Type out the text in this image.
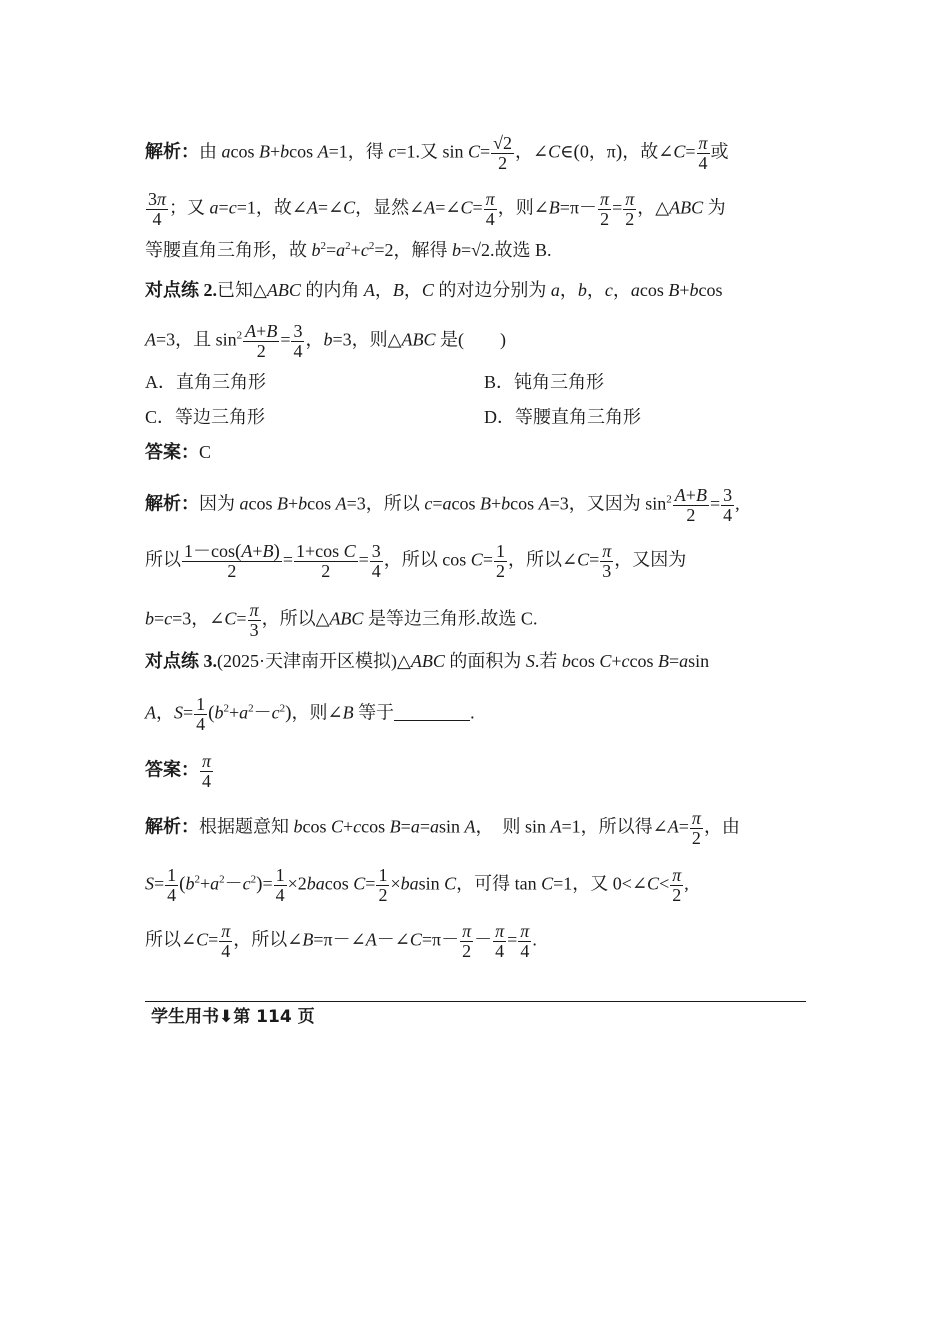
解析：由 acos B+bcos A=1，得 c=1.又 $\sin C= \frac{√2}{2}$ ，∠C∈(0，π)，故∠C= $\frac{\pi}{4}$ 或
$\frac{3\pi}{4}$ ；又 a=c=1，故∠A=∠C，显然∠A=∠C= $\frac{\pi}{4}$ ，则∠B=π－ $\frac{\pi}{2} = \frac{\pi}{2}$ ，△ABC 为
等腰直角三角形，故 $b^2=a^2+c^2=2$，解得 b=√2.故选 B.
对点练 2.已知△ABC 的内角 A，B，C 的对边分别为 a，b，c，acos B+bcos
A=3，且 $\sin^2 \frac{A+B}{2} = \frac{3}{4}$ ，b=3，则△ABC 是(　　)
A．直角三角形	B．钝角三角形
C．等边三角形	D．等腰直角三角形
答案：C
解析：因为 acos B+bcos A=3，所以 c=acos B+bcos A=3，又因为 $\sin^2 \frac{A+B}{2} = \frac{3}{4}$ ,
所以 $\frac{1-\cos(A+B)}{2} = \frac{\text{1+cos C}}{2} = \frac{3}{4}$ ，所以 $\cos C= \frac{1}{2}$ ，所以∠C= $\frac{\pi}{3}$ ，又因为
b=c=3，∠C= $\frac{\pi}{3}$ ，所以△ABC 是等边三角形.故选 C.
对点练 3.(2025·天津南开区模拟)△ABC 的面积为 S.若 bcos C+ccos B=asin
A，$S= \frac{1}{4} (b^2+a^2-c^2)$，则∠B 等于	.
答案： $\frac{\pi}{4}$
解析：根据题意知 bcos C+ccos B=a=asin A，　则 sin A=1，所以得∠A= $\frac{\pi}{2}$ ，由
$S= \frac{1}{4} (b^2+a^2-c^2)= \frac{1}{4} \times 2bacos$ $C= \frac{1}{2} \times basin$ C，可得 tan C=1，又 0<∠C< $\frac{\pi}{2}$ ,
所以∠C= $\frac{\pi}{4}$ ，所以∠B=π－∠A－∠C=π－ $\frac{\pi}{2} - \frac{\pi}{4} = \frac{\pi}{4}$ .
学生用书⬇第 114 页
